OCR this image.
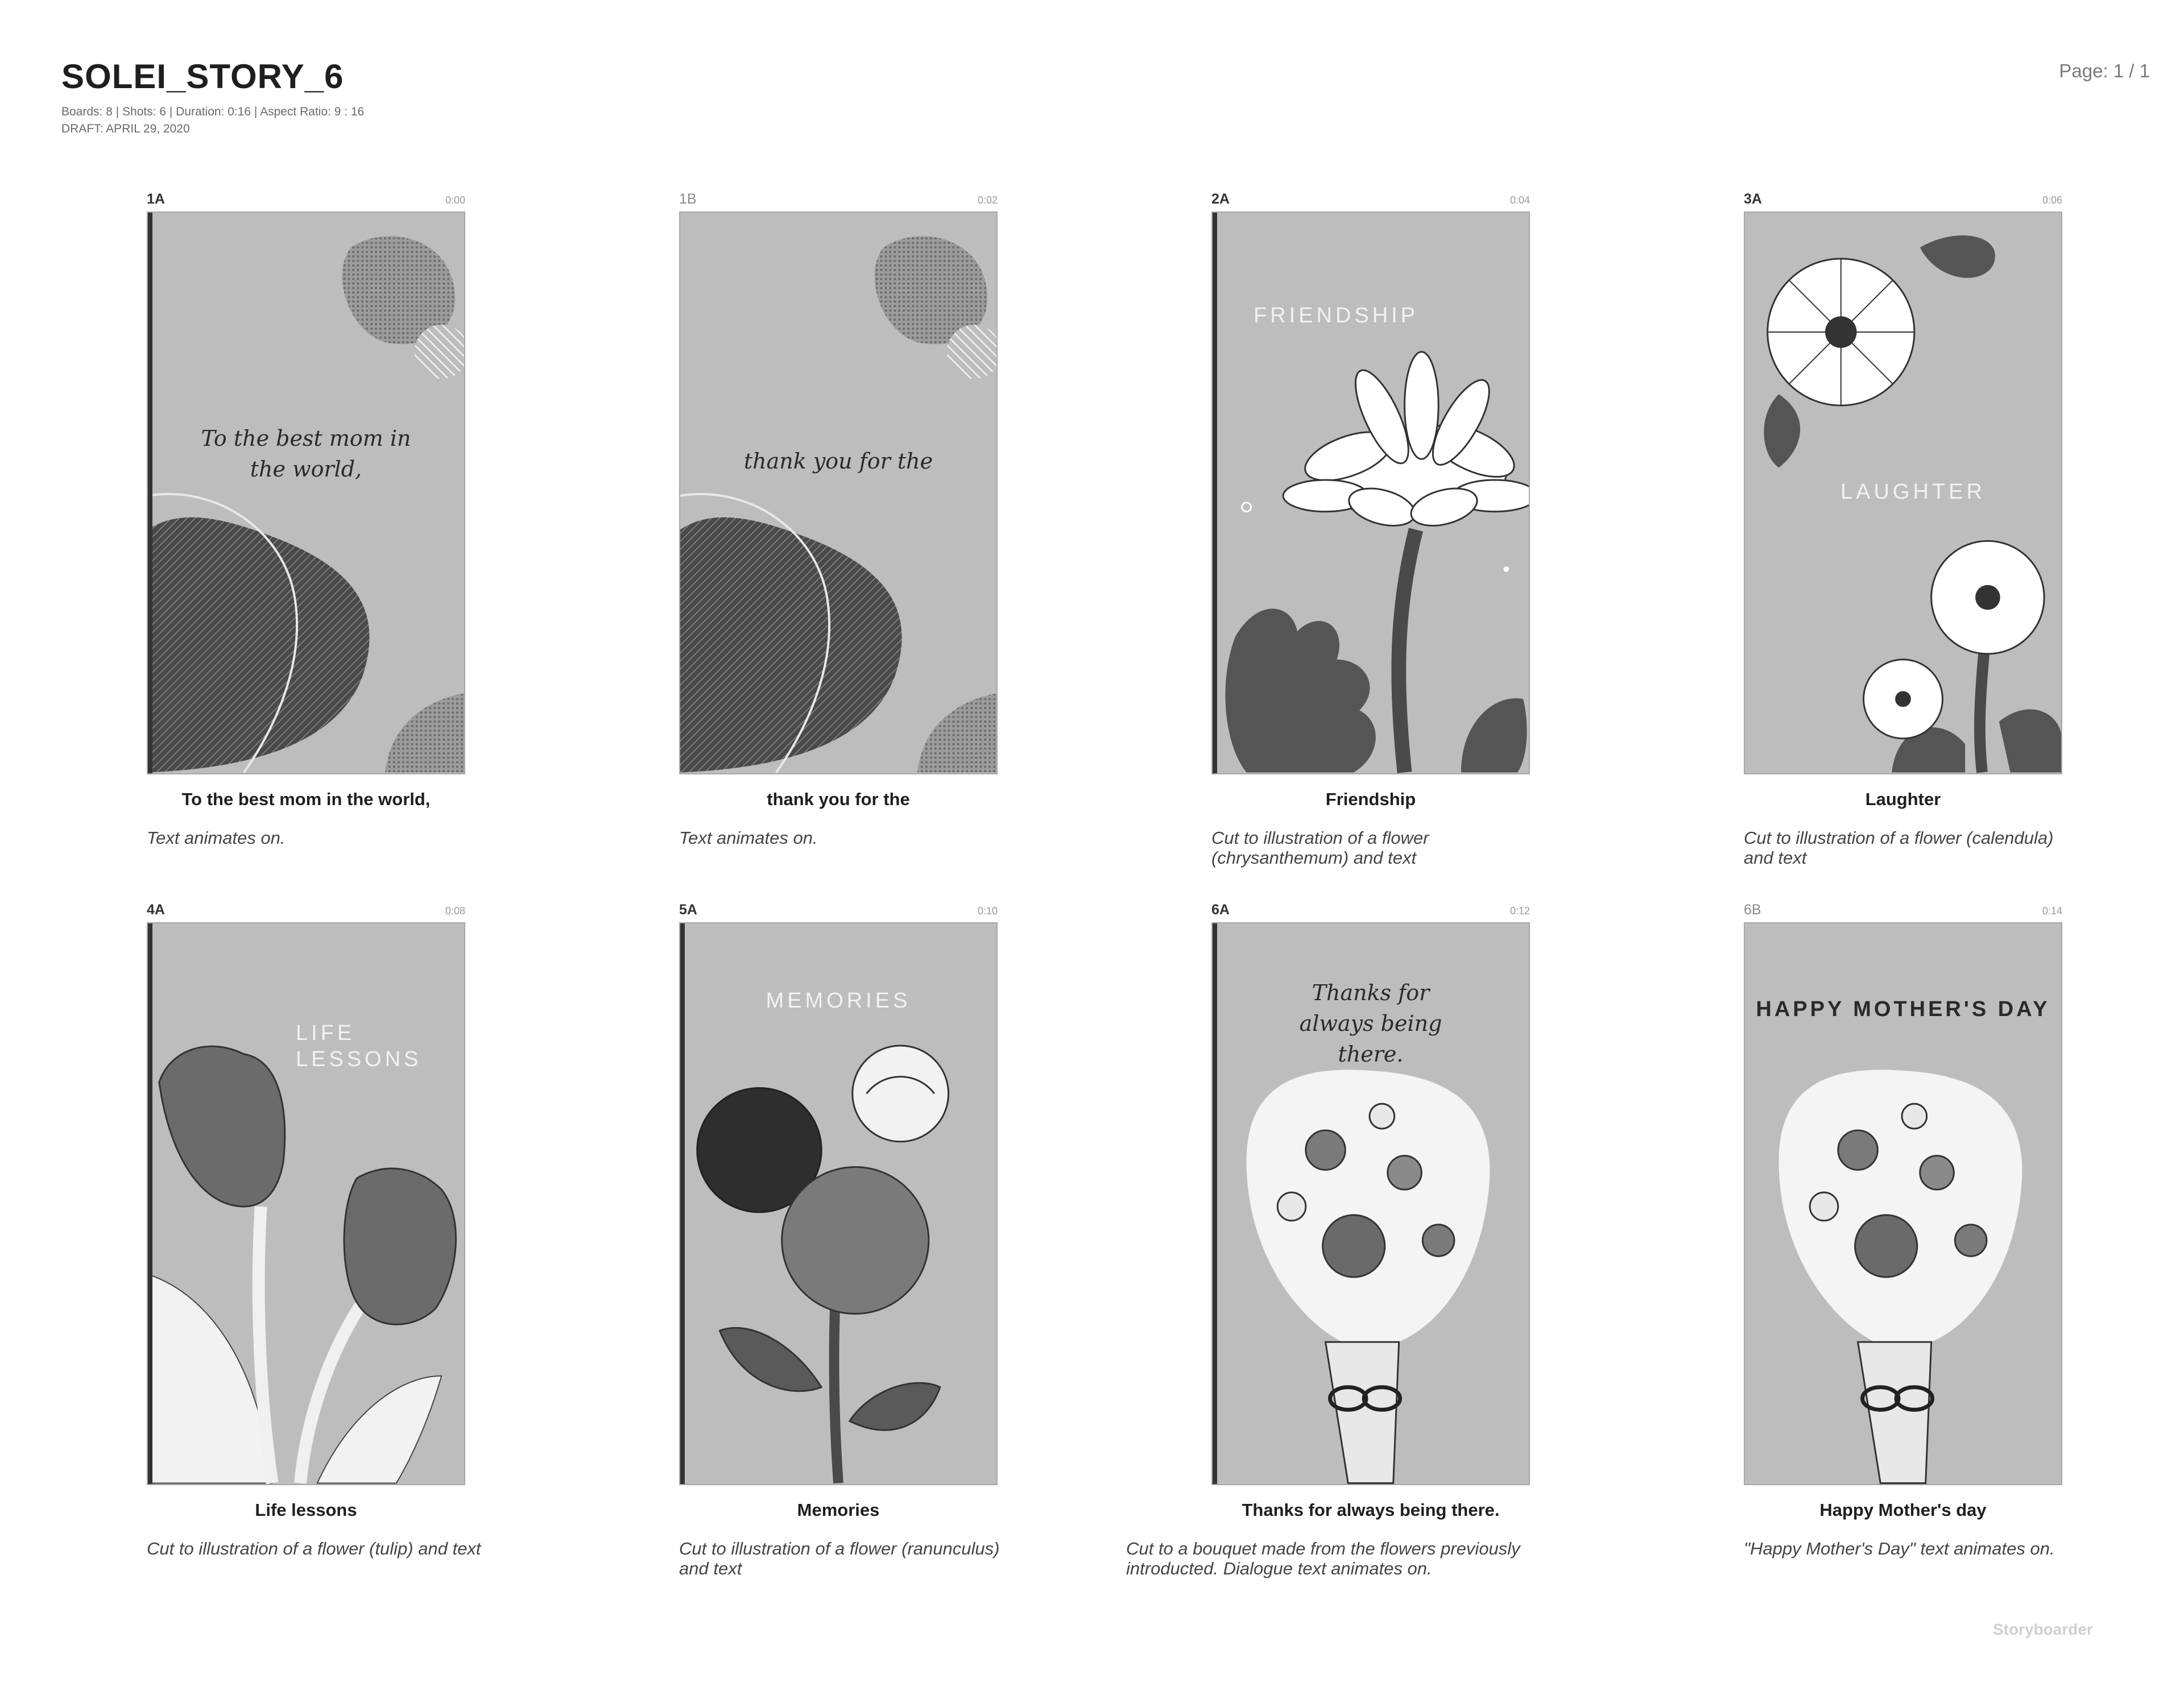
SOLEI_STORY_6
Boards: 8 | Shots: 6 | Duration: 0:16 | Aspect Ratio: 9 : 16
DRAFT: APRIL 29, 2020
Page: 1 / 1
1A	0:00
To the best mom in the world,
To the best mom in the world,
Text animates on.
1B	0:02
thank you for the
thank you for the
Text animates on.
2A	0:04
FRIENDSHIP
Friendship
Cut to illustration of a flower (chrysanthemum) and text
3A	0:06
LAUGHTER
Laughter
Cut to illustration of a flower (calendula) and text
4A	0:08
LIFE LESSONS
Life lessons
Cut to illustration of a flower (tulip) and text
5A	0:10
MEMORIES
Memories
Cut to illustration of a flower (ranunculus) and text
6A	0:12
Thanks for always being there.
Thanks for always being there.
Cut to a bouquet made from the flowers previously introducted. Dialogue text animates on.
6B	0:14
HAPPY MOTHER'S DAY
Happy Mother's day
"Happy Mother's Day" text animates on.
Storyboarder
